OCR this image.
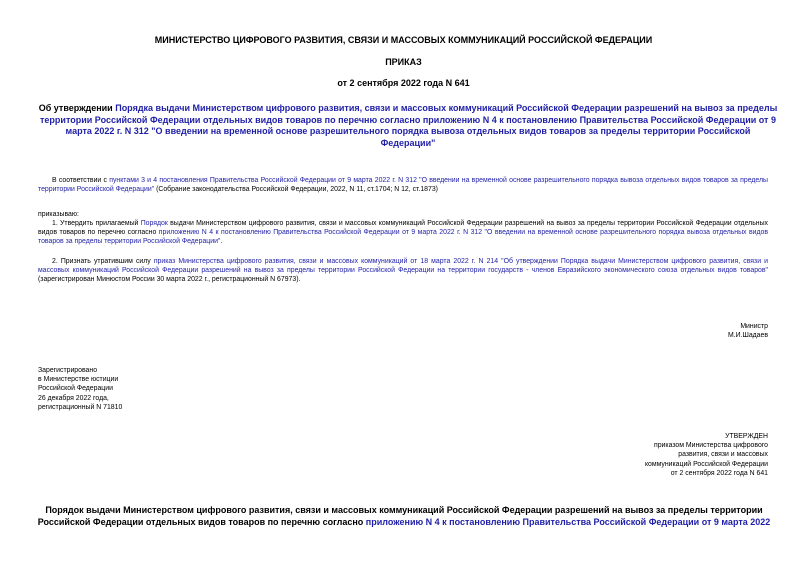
МИНИСТЕРСТВО ЦИФРОВОГО РАЗВИТИЯ, СВЯЗИ И МАССОВЫХ КОММУНИКАЦИЙ РОССИЙСКОЙ ФЕДЕРАЦИИ
ПРИКАЗ
от 2 сентября 2022 года N 641
Об утверждении Порядка выдачи Министерством цифрового развития, связи и массовых коммуникаций Российской Федерации разрешений на вывоз за пределы территории Российской Федерации отдельных видов товаров по перечню согласно приложению N 4 к постановлению Правительства Российской Федерации от 9 марта 2022 г. N 312 "О введении на временной основе разрешительного порядка вывоза отдельных видов товаров за пределы территории Российской Федерации"
В соответствии с пунктами 3 и 4 постановления Правительства Российской Федерации от 9 марта 2022 г. N 312 "О введении на временной основе разрешительного порядка вывоза отдельных видов товаров за пределы территории Российской Федерации" (Собрание законодательства Российской Федерации, 2022, N 11, ст.1704; N 12, ст.1873)
приказываю:
1. Утвердить прилагаемый Порядок выдачи Министерством цифрового развития, связи и массовых коммуникаций Российской Федерации разрешений на вывоз за пределы территории Российской Федерации отдельных видов товаров по перечню согласно приложению N 4 к постановлению Правительства Российской Федерации от 9 марта 2022 г. N 312 "О введении на временной основе разрешительного порядка вывоза отдельных видов товаров за пределы территории Российской Федерации".
2. Признать утратившим силу приказ Министерства цифрового развития, связи и массовых коммуникаций от 18 марта 2022 г. N 214 "Об утверждении Порядка выдачи Министерством цифрового развития, связи и массовых коммуникаций Российской Федерации разрешений на вывоз за пределы территории Российской Федерации на территории государств - членов Евразийского экономического союза отдельных видов товаров" (зарегистрирован Минюстом России 30 марта 2022 г., регистрационный N 67973).
Министр
М.И.Шадаев
Зарегистрировано
в Министерстве юстиции
Российской Федерации
26 декабря 2022 года,
регистрационный N 71810
УТВЕРЖДЕН
приказом Министерства цифрового
развития, связи и массовых
коммуникаций Российской Федерации
от 2 сентября 2022 года N 641
Порядок выдачи Министерством цифрового развития, связи и массовых коммуникаций Российской Федерации разрешений на вывоз за пределы территории Российской Федерации отдельных видов товаров по перечню согласно приложению N 4 к постановлению Правительства Российской Федерации от 9 марта 2022
